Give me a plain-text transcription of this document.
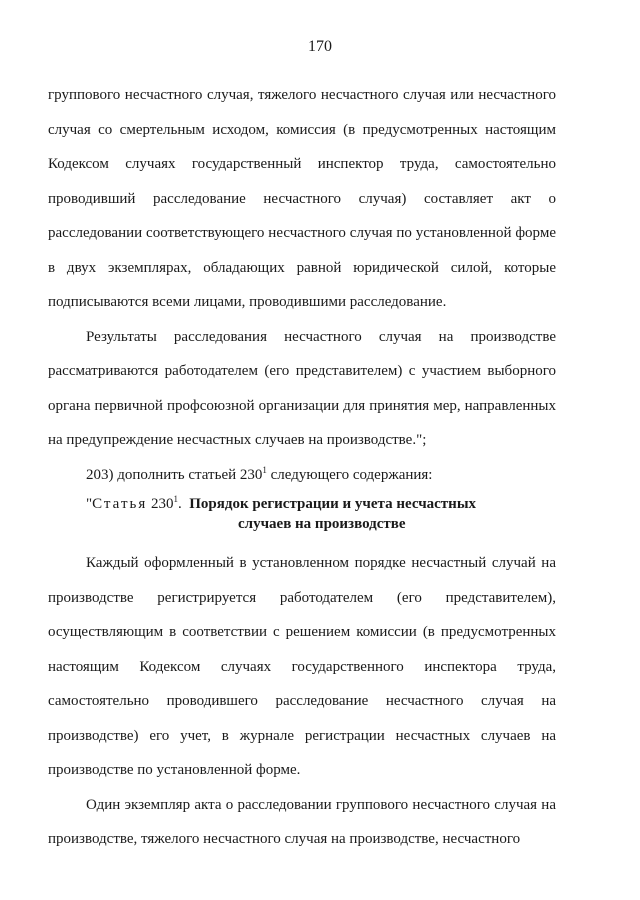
170

группового несчастного случая, тяжелого несчастного случая или несчастного случая со смертельным исходом, комиссия (в предусмотренных настоящим Кодексом случаях государственный инспектор труда, самостоятельно проводивший расследование несчастного случая) составляет акт о расследовании соответствующего несчастного случая по установленной форме в двух экземплярах, обладающих равной юридической силой, которые подписываются всеми лицами, проводившими расследование.

Результаты расследования несчастного случая на производстве рассматриваются работодателем (его представителем) с участием выборного органа первичной профсоюзной организации для принятия мер, направленных на предупреждение несчастных случаев на производстве.";

203) дополнить статьей $230^1$ следующего содержания:

"Статья $230^1$. Порядок регистрации и учета несчастных
случаев на производстве

Каждый оформленный в установленном порядке несчастный случай на производстве регистрируется работодателем (его представителем), осуществляющим в соответствии с решением комиссии (в предусмотренных настоящим Кодексом случаях государственного инспектора труда, самостоятельно проводившего расследование несчастного случая на производстве) его учет, в журнале регистрации несчастных случаев на производстве по установленной форме.

Один экземпляр акта о расследовании группового несчастного случая на производстве, тяжелого несчастного случая на производстве, несчастного
